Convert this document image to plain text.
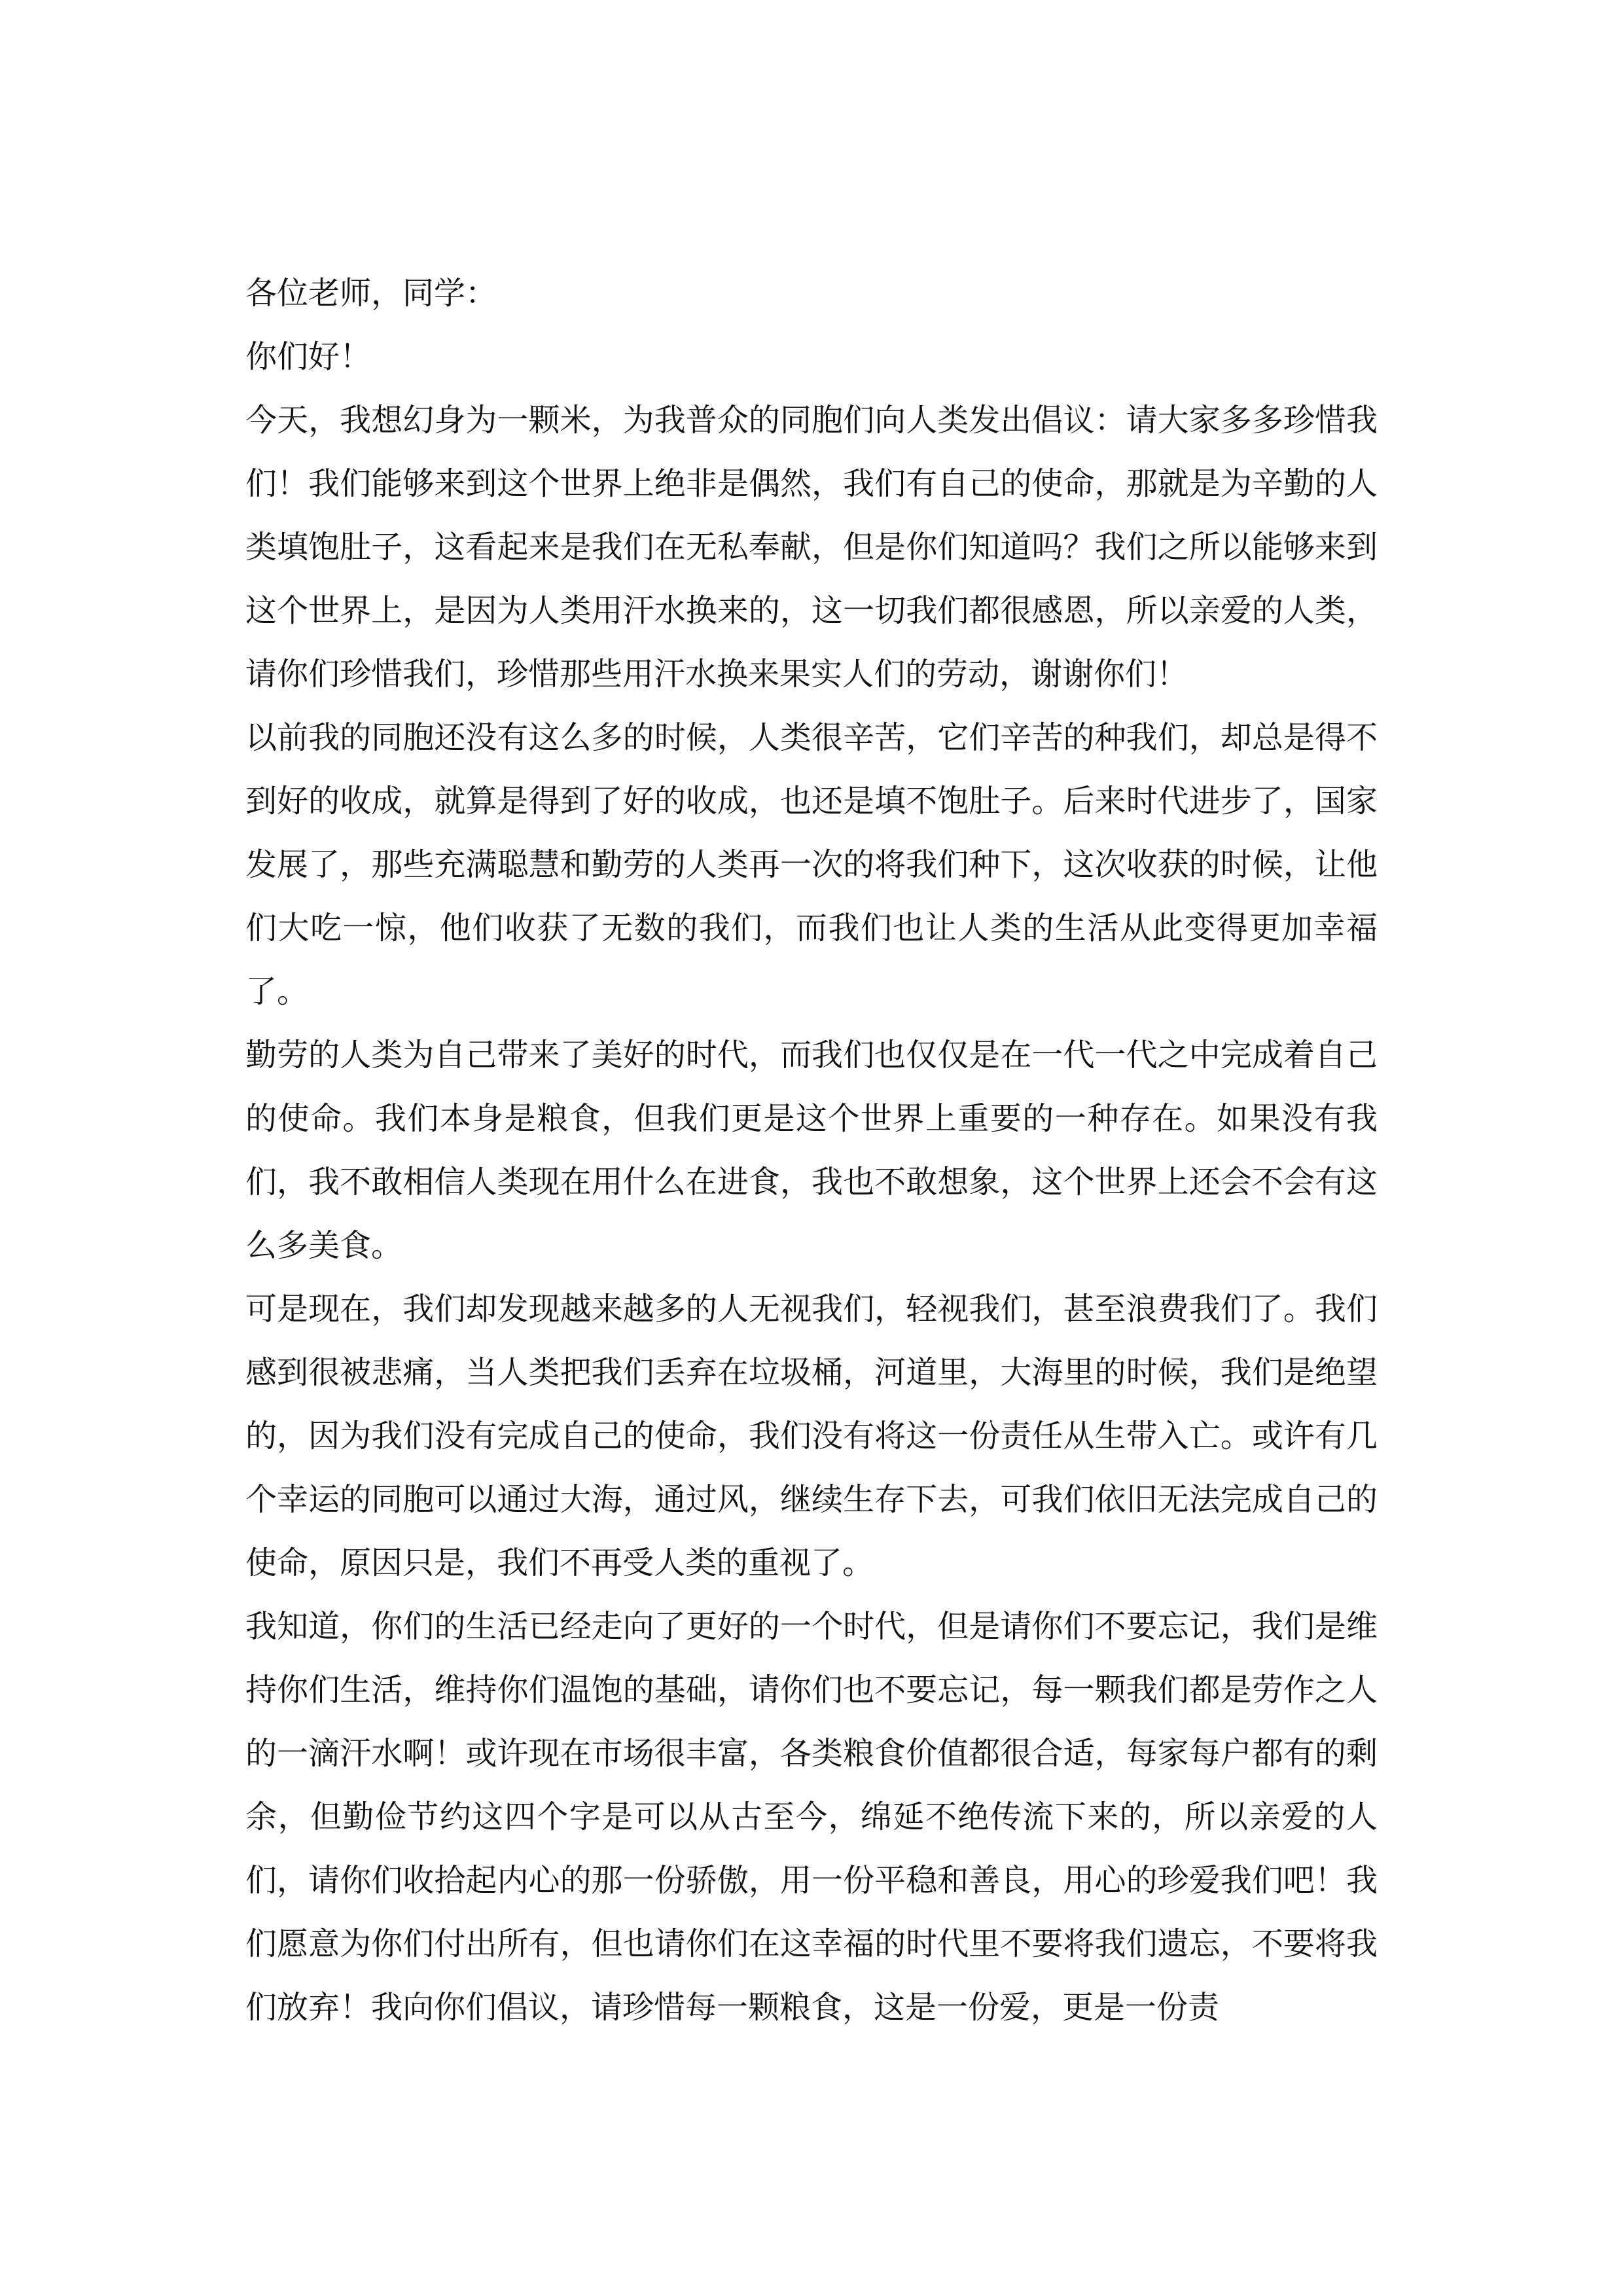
各位老师，同学：

你们好！

今天，我想幻身为一颗米，为我普众的同胞们向人类发出倡议：请大家多多珍惜我们！我们能够来到这个世界上绝非是偶然，我们有自己的使命，那就是为辛勤的人类填饱肚子，这看起来是我们在无私奉献，但是你们知道吗？我们之所以能够来到这个世界上，是因为人类用汗水换来的，这一切我们都很感恩，所以亲爱的人类，请你们珍惜我们，珍惜那些用汗水换来果实人们的劳动，谢谢你们！

以前我的同胞还没有这么多的时候，人类很辛苦，它们辛苦的种我们，却总是得不到好的收成，就算是得到了好的收成，也还是填不饱肚子。后来时代进步了，国家发展了，那些充满聪慧和勤劳的人类再一次的将我们种下，这次收获的时候，让他们大吃一惊，他们收获了无数的我们，而我们也让人类的生活从此变得更加幸福了。

勤劳的人类为自己带来了美好的时代，而我们也仅仅是在一代一代之中完成着自己的使命。我们本身是粮食，但我们更是这个世界上重要的一种存在。如果没有我们，我不敢相信人类现在用什么在进食，我也不敢想象，这个世界上还会不会有这么多美食。

可是现在，我们却发现越来越多的人无视我们，轻视我们，甚至浪费我们了。我们感到很被悲痛，当人类把我们丢弃在垃圾桶，河道里，大海里的时候，我们是绝望的，因为我们没有完成自己的使命，我们没有将这一份责任从生带入亡。或许有几个幸运的同胞可以通过大海，通过风，继续生存下去，可我们依旧无法完成自己的使命，原因只是，我们不再受人类的重视了。

我知道，你们的生活已经走向了更好的一个时代，但是请你们不要忘记，我们是维持你们生活，维持你们温饱的基础，请你们也不要忘记，每一颗我们都是劳作之人的一滴汗水啊！或许现在市场很丰富，各类粮食价值都很合适，每家每户都有的剩余，但勤俭节约这四个字是可以从古至今，绵延不绝传流下来的，所以亲爱的人们，请你们收拾起内心的那一份骄傲，用一份平稳和善良，用心的珍爱我们吧！我们愿意为你们付出所有，但也请你们在这幸福的时代里不要将我们遗忘，不要将我们放弃！我向你们倡议，请珍惜每一颗粮食，这是一份爱，更是一份责
